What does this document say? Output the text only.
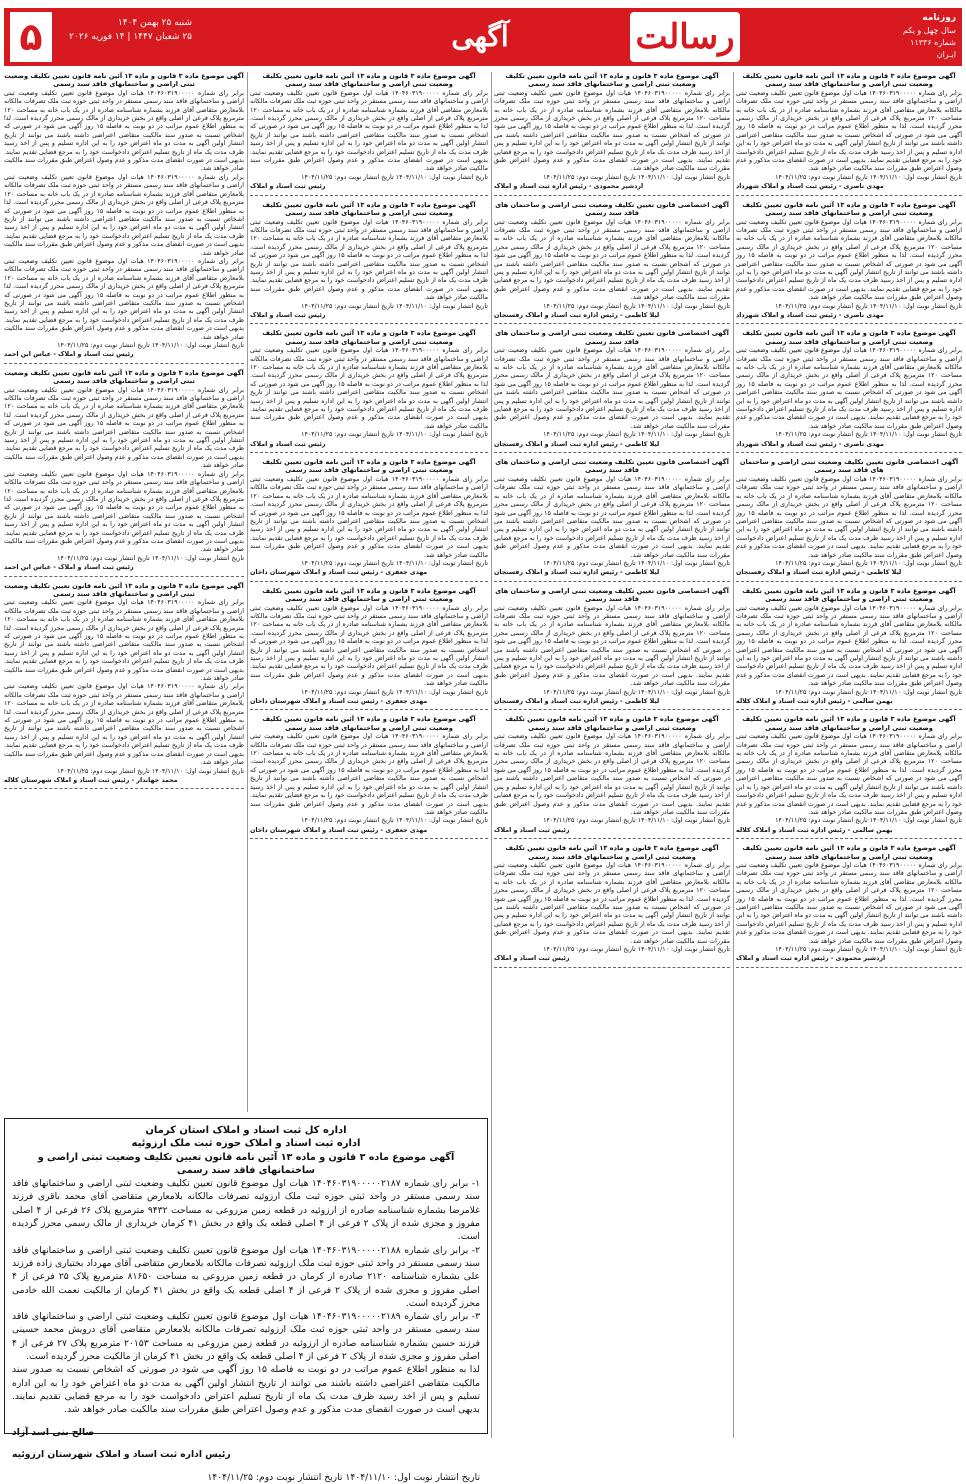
روزنامه
سال چهل و یکم
شماره ۱۱۳۳۶
ایـران
رسالت
آگهی
۵	شنبه ۲۵ بهمن ۱۴۰۴
۲۵ شعبان ۱۴۴۷ | ۱۴ فوریه ۲۰۲۶
آگهی موضوع ماده ۳ قانون و ماده ۱۳ آئین نامه قانون تعیین تکلیف وضعیت ثبتی اراضی و ساختمانهای فاقد سند رسمی

برابر رای شماره ۱۴۰۴۶۰۳۱۹۰۰۰۰۰ هیات اول موضوع قانون تعیین تکلیف وضعیت ثبتی اراضی و ساختمانهای فاقد سند رسمی مستقر در واحد ثبتی حوزه ثبت ملک تصرفات مالکانه بلامعارض متقاضی آقای فرزند بشماره شناسنامه صادره از در یک باب خانه به مساحت ۱۲۰ مترمربع پلاک فرعی از اصلی واقع در بخش خریداری از مالک رسمی محرز گردیده است. لذا به منظور اطلاع عموم مراتب در دو نوبت به فاصله ۱۵ روز آگهی می شود در صورتی که اشخاص نسبت به صدور سند مالکیت متقاضی اعتراضی داشته باشند می توانند از تاریخ انتشار اولین آگهی به مدت دو ماه اعتراض خود را به این اداره تسلیم و پس از اخذ رسید ظرف مدت یک ماه از تاریخ تسلیم اعتراض دادخواست خود را به مرجع قضایی تقدیم نمایند. بدیهی است در صورت انقضای مدت مذکور و عدم وصول اعتراض طبق مقررات سند مالکیت صادر خواهد شد.

تاریخ انتشار نوبت اول: ۱۴۰۴/۱۱/۱۰ تاریخ انتشار نوبت دوم: ۱۴۰۴/۱۱/۲۵

مهدی ناصری - رئیس ثبت اسناد و املاک شهرداد

آگهی موضوع ماده ۳ قانون و ماده ۱۳ آئین نامه قانون تعیین تکلیف وضعیت ثبتی اراضی و ساختمانهای فاقد سند رسمی

برابر رای شماره ۱۴۰۴۶۰۳۱۹۰۰۰۰۰ هیات اول موضوع قانون تعیین تکلیف وضعیت ثبتی اراضی و ساختمانهای فاقد سند رسمی مستقر در واحد ثبتی حوزه ثبت ملک تصرفات مالکانه بلامعارض متقاضی آقای فرزند بشماره شناسنامه صادره از در یک باب خانه به مساحت ۱۲۰ مترمربع پلاک فرعی از اصلی واقع در بخش خریداری از مالک رسمی محرز گردیده است. لذا به منظور اطلاع عموم مراتب در دو نوبت به فاصله ۱۵ روز آگهی می شود در صورتی که اشخاص نسبت به صدور سند مالکیت متقاضی اعتراضی داشته باشند می توانند از تاریخ انتشار اولین آگهی به مدت دو ماه اعتراض خود را به این اداره تسلیم و پس از اخذ رسید ظرف مدت یک ماه از تاریخ تسلیم اعتراض دادخواست خود را به مرجع قضایی تقدیم نمایند. بدیهی است در صورت انقضای مدت مذکور و عدم وصول اعتراض طبق مقررات سند مالکیت صادر خواهد شد.

تاریخ انتشار نوبت اول: ۱۴۰۴/۱۱/۱۰ تاریخ انتشار نوبت دوم: ۱۴۰۴/۱۱/۲۵

مهدی ناصری - رئیس ثبت اسناد و املاک شهرداد

آگهی موضوع ماده ۳ قانون و ماده ۱۳ آئین نامه قانون تعیین تکلیف وضعیت ثبتی اراضی و ساختمانهای فاقد سند رسمی

برابر رای شماره ۱۴۰۴۶۰۳۱۹۰۰۰۰۰ هیات اول موضوع قانون تعیین تکلیف وضعیت ثبتی اراضی و ساختمانهای فاقد سند رسمی مستقر در واحد ثبتی حوزه ثبت ملک تصرفات مالکانه بلامعارض متقاضی آقای فرزند بشماره شناسنامه صادره از در یک باب خانه به مساحت ۱۲۰ مترمربع پلاک فرعی از اصلی واقع در بخش خریداری از مالک رسمی محرز گردیده است. لذا به منظور اطلاع عموم مراتب در دو نوبت به فاصله ۱۵ روز آگهی می شود در صورتی که اشخاص نسبت به صدور سند مالکیت متقاضی اعتراضی داشته باشند می توانند از تاریخ انتشار اولین آگهی به مدت دو ماه اعتراض خود را به این اداره تسلیم و پس از اخذ رسید ظرف مدت یک ماه از تاریخ تسلیم اعتراض دادخواست خود را به مرجع قضایی تقدیم نمایند. بدیهی است در صورت انقضای مدت مذکور و عدم وصول اعتراض طبق مقررات سند مالکیت صادر خواهد شد.

تاریخ انتشار نوبت اول: ۱۴۰۴/۱۱/۱۰ تاریخ انتشار نوبت دوم: ۱۴۰۴/۱۱/۲۵

مهدی ناصری - رئیس ثبت اسناد و املاک شهرداد

آگهی اختصاصی قانون تعیین تکلیف وضعیت ثبتی اراضی و ساختمان های فاقد سند رسمی

برابر رای شماره ۱۴۰۴۶۰۳۱۹۰۰۰۰۰ هیات اول موضوع قانون تعیین تکلیف وضعیت ثبتی اراضی و ساختمانهای فاقد سند رسمی مستقر در واحد ثبتی حوزه ثبت ملک تصرفات مالکانه بلامعارض متقاضی آقای فرزند بشماره شناسنامه صادره از در یک باب خانه به مساحت ۱۲۰ مترمربع پلاک فرعی از اصلی واقع در بخش خریداری از مالک رسمی محرز گردیده است. لذا به منظور اطلاع عموم مراتب در دو نوبت به فاصله ۱۵ روز آگهی می شود در صورتی که اشخاص نسبت به صدور سند مالکیت متقاضی اعتراضی داشته باشند می توانند از تاریخ انتشار اولین آگهی به مدت دو ماه اعتراض خود را به این اداره تسلیم و پس از اخذ رسید ظرف مدت یک ماه از تاریخ تسلیم اعتراض دادخواست خود را به مرجع قضایی تقدیم نمایند. بدیهی است در صورت انقضای مدت مذکور و عدم وصول اعتراض طبق مقررات سند مالکیت صادر خواهد شد.

تاریخ انتشار نوبت اول: ۱۴۰۴/۱۱/۱۰ تاریخ انتشار نوبت دوم: ۱۴۰۴/۱۱/۲۵

لیلا کاظمی - رئیس اداره ثبت اسناد و املاک رفسنجان

آگهی موضوع ماده ۳ قانون و ماده ۱۳ آئین نامه قانون تعیین تکلیف وضعیت ثبتی اراضی و ساختمانهای فاقد سند رسمی

برابر رای شماره ۱۴۰۴۶۰۳۱۹۰۰۰۰۰ هیات اول موضوع قانون تعیین تکلیف وضعیت ثبتی اراضی و ساختمانهای فاقد سند رسمی مستقر در واحد ثبتی حوزه ثبت ملک تصرفات مالکانه بلامعارض متقاضی آقای فرزند بشماره شناسنامه صادره از در یک باب خانه به مساحت ۱۲۰ مترمربع پلاک فرعی از اصلی واقع در بخش خریداری از مالک رسمی محرز گردیده است. لذا به منظور اطلاع عموم مراتب در دو نوبت به فاصله ۱۵ روز آگهی می شود در صورتی که اشخاص نسبت به صدور سند مالکیت متقاضی اعتراضی داشته باشند می توانند از تاریخ انتشار اولین آگهی به مدت دو ماه اعتراض خود را به این اداره تسلیم و پس از اخذ رسید ظرف مدت یک ماه از تاریخ تسلیم اعتراض دادخواست خود را به مرجع قضایی تقدیم نمایند. بدیهی است در صورت انقضای مدت مذکور و عدم وصول اعتراض طبق مقررات سند مالکیت صادر خواهد شد.

تاریخ انتشار نوبت اول: ۱۴۰۴/۱۱/۱۰ تاریخ انتشار نوبت دوم: ۱۴۰۴/۱۱/۲۵

بهمن سالمی - رئیس اداره ثبت اسناد و املاک کلاله

آگهی موضوع ماده ۳ قانون و ماده ۱۳ آئین نامه قانون تعیین تکلیف وضعیت ثبتی اراضی و ساختمانهای فاقد سند رسمی

برابر رای شماره ۱۴۰۴۶۰۳۱۹۰۰۰۰۰ هیات اول موضوع قانون تعیین تکلیف وضعیت ثبتی اراضی و ساختمانهای فاقد سند رسمی مستقر در واحد ثبتی حوزه ثبت ملک تصرفات مالکانه بلامعارض متقاضی آقای فرزند بشماره شناسنامه صادره از در یک باب خانه به مساحت ۱۲۰ مترمربع پلاک فرعی از اصلی واقع در بخش خریداری از مالک رسمی محرز گردیده است. لذا به منظور اطلاع عموم مراتب در دو نوبت به فاصله ۱۵ روز آگهی می شود در صورتی که اشخاص نسبت به صدور سند مالکیت متقاضی اعتراضی داشته باشند می توانند از تاریخ انتشار اولین آگهی به مدت دو ماه اعتراض خود را به این اداره تسلیم و پس از اخذ رسید ظرف مدت یک ماه از تاریخ تسلیم اعتراض دادخواست خود را به مرجع قضایی تقدیم نمایند. بدیهی است در صورت انقضای مدت مذکور و عدم وصول اعتراض طبق مقررات سند مالکیت صادر خواهد شد.

تاریخ انتشار نوبت اول: ۱۴۰۴/۱۱/۱۰ تاریخ انتشار نوبت دوم: ۱۴۰۴/۱۱/۲۵

بهمن سالمی - رئیس اداره ثبت اسناد و املاک کلاله

آگهی موضوع ماده ۳ قانون و ماده ۱۳ آئین نامه قانون تعیین تکلیف وضعیت ثبتی اراضی و ساختمانهای فاقد سند رسمی

برابر رای شماره ۱۴۰۴۶۰۳۱۹۰۰۰۰۰ هیات اول موضوع قانون تعیین تکلیف وضعیت ثبتی اراضی و ساختمانهای فاقد سند رسمی مستقر در واحد ثبتی حوزه ثبت ملک تصرفات مالکانه بلامعارض متقاضی آقای فرزند بشماره شناسنامه صادره از در یک باب خانه به مساحت ۱۲۰ مترمربع پلاک فرعی از اصلی واقع در بخش خریداری از مالک رسمی محرز گردیده است. لذا به منظور اطلاع عموم مراتب در دو نوبت به فاصله ۱۵ روز آگهی می شود در صورتی که اشخاص نسبت به صدور سند مالکیت متقاضی اعتراضی داشته باشند می توانند از تاریخ انتشار اولین آگهی به مدت دو ماه اعتراض خود را به این اداره تسلیم و پس از اخذ رسید ظرف مدت یک ماه از تاریخ تسلیم اعتراض دادخواست خود را به مرجع قضایی تقدیم نمایند. بدیهی است در صورت انقضای مدت مذکور و عدم وصول اعتراض طبق مقررات سند مالکیت صادر خواهد شد.

تاریخ انتشار نوبت اول: ۱۴۰۴/۱۱/۱۰ تاریخ انتشار نوبت دوم: ۱۴۰۴/۱۱/۲۵

اردشیر محمودی - رئیس اداره ثبت اسناد و املاک

آگهی موضوع ماده ۳ قانون و ماده ۱۳ آئین نامه قانون تعیین تکلیف وضعیت ثبتی اراضی و ساختمانهای فاقد سند رسمی

برابر رای شماره ۱۴۰۴۶۰۳۱۹۰۰۰۰۰ هیات اول موضوع قانون تعیین تکلیف وضعیت ثبتی اراضی و ساختمانهای فاقد سند رسمی مستقر در واحد ثبتی حوزه ثبت ملک تصرفات مالکانه بلامعارض متقاضی آقای فرزند بشماره شناسنامه صادره از در یک باب خانه به مساحت ۱۲۰ مترمربع پلاک فرعی از اصلی واقع در بخش خریداری از مالک رسمی محرز گردیده است. لذا به منظور اطلاع عموم مراتب در دو نوبت به فاصله ۱۵ روز آگهی می شود در صورتی که اشخاص نسبت به صدور سند مالکیت متقاضی اعتراضی داشته باشند می توانند از تاریخ انتشار اولین آگهی به مدت دو ماه اعتراض خود را به این اداره تسلیم و پس از اخذ رسید ظرف مدت یک ماه از تاریخ تسلیم اعتراض دادخواست خود را به مرجع قضایی تقدیم نمایند. بدیهی است در صورت انقضای مدت مذکور و عدم وصول اعتراض طبق مقررات سند مالکیت صادر خواهد شد.

تاریخ انتشار نوبت اول: ۱۴۰۴/۱۱/۱۰ تاریخ انتشار نوبت دوم: ۱۴۰۴/۱۱/۲۵

اردشیر محمودی - رئیس اداره ثبت اسناد و املاک

آگهی اختصاصی قانون تعیین تکلیف وضعیت ثبتی اراضی و ساختمان های فاقد سند رسمی

برابر رای شماره ۱۴۰۴۶۰۳۱۹۰۰۰۰۰ هیات اول موضوع قانون تعیین تکلیف وضعیت ثبتی اراضی و ساختمانهای فاقد سند رسمی مستقر در واحد ثبتی حوزه ثبت ملک تصرفات مالکانه بلامعارض متقاضی آقای فرزند بشماره شناسنامه صادره از در یک باب خانه به مساحت ۱۲۰ مترمربع پلاک فرعی از اصلی واقع در بخش خریداری از مالک رسمی محرز گردیده است. لذا به منظور اطلاع عموم مراتب در دو نوبت به فاصله ۱۵ روز آگهی می شود در صورتی که اشخاص نسبت به صدور سند مالکیت متقاضی اعتراضی داشته باشند می توانند از تاریخ انتشار اولین آگهی به مدت دو ماه اعتراض خود را به این اداره تسلیم و پس از اخذ رسید ظرف مدت یک ماه از تاریخ تسلیم اعتراض دادخواست خود را به مرجع قضایی تقدیم نمایند. بدیهی است در صورت انقضای مدت مذکور و عدم وصول اعتراض طبق مقررات سند مالکیت صادر خواهد شد.

تاریخ انتشار نوبت اول: ۱۴۰۴/۱۱/۱۰ تاریخ انتشار نوبت دوم: ۱۴۰۴/۱۱/۲۵

لیلا کاظمی - رئیس اداره ثبت اسناد و املاک رفسنجان

آگهی اختصاصی قانون تعیین تکلیف وضعیت ثبتی اراضی و ساختمان های فاقد سند رسمی

برابر رای شماره ۱۴۰۴۶۰۳۱۹۰۰۰۰۰ هیات اول موضوع قانون تعیین تکلیف وضعیت ثبتی اراضی و ساختمانهای فاقد سند رسمی مستقر در واحد ثبتی حوزه ثبت ملک تصرفات مالکانه بلامعارض متقاضی آقای فرزند بشماره شناسنامه صادره از در یک باب خانه به مساحت ۱۲۰ مترمربع پلاک فرعی از اصلی واقع در بخش خریداری از مالک رسمی محرز گردیده است. لذا به منظور اطلاع عموم مراتب در دو نوبت به فاصله ۱۵ روز آگهی می شود در صورتی که اشخاص نسبت به صدور سند مالکیت متقاضی اعتراضی داشته باشند می توانند از تاریخ انتشار اولین آگهی به مدت دو ماه اعتراض خود را به این اداره تسلیم و پس از اخذ رسید ظرف مدت یک ماه از تاریخ تسلیم اعتراض دادخواست خود را به مرجع قضایی تقدیم نمایند. بدیهی است در صورت انقضای مدت مذکور و عدم وصول اعتراض طبق مقررات سند مالکیت صادر خواهد شد.

تاریخ انتشار نوبت اول: ۱۴۰۴/۱۱/۱۰ تاریخ انتشار نوبت دوم: ۱۴۰۴/۱۱/۲۵

لیلا کاظمی - رئیس اداره ثبت اسناد و املاک رفسنجان

آگهی اختصاصی قانون تعیین تکلیف وضعیت ثبتی اراضی و ساختمان های فاقد سند رسمی

برابر رای شماره ۱۴۰۴۶۰۳۱۹۰۰۰۰۰ هیات اول موضوع قانون تعیین تکلیف وضعیت ثبتی اراضی و ساختمانهای فاقد سند رسمی مستقر در واحد ثبتی حوزه ثبت ملک تصرفات مالکانه بلامعارض متقاضی آقای فرزند بشماره شناسنامه صادره از در یک باب خانه به مساحت ۱۲۰ مترمربع پلاک فرعی از اصلی واقع در بخش خریداری از مالک رسمی محرز گردیده است. لذا به منظور اطلاع عموم مراتب در دو نوبت به فاصله ۱۵ روز آگهی می شود در صورتی که اشخاص نسبت به صدور سند مالکیت متقاضی اعتراضی داشته باشند می توانند از تاریخ انتشار اولین آگهی به مدت دو ماه اعتراض خود را به این اداره تسلیم و پس از اخذ رسید ظرف مدت یک ماه از تاریخ تسلیم اعتراض دادخواست خود را به مرجع قضایی تقدیم نمایند. بدیهی است در صورت انقضای مدت مذکور و عدم وصول اعتراض طبق مقررات سند مالکیت صادر خواهد شد.

تاریخ انتشار نوبت اول: ۱۴۰۴/۱۱/۱۰ تاریخ انتشار نوبت دوم: ۱۴۰۴/۱۱/۲۵

لیلا کاظمی - رئیس اداره ثبت اسناد و املاک رفسنجان

آگهی اختصاصی قانون تعیین تکلیف وضعیت ثبتی اراضی و ساختمان های فاقد سند رسمی

برابر رای شماره ۱۴۰۴۶۰۳۱۹۰۰۰۰۰ هیات اول موضوع قانون تعیین تکلیف وضعیت ثبتی اراضی و ساختمانهای فاقد سند رسمی مستقر در واحد ثبتی حوزه ثبت ملک تصرفات مالکانه بلامعارض متقاضی آقای فرزند بشماره شناسنامه صادره از در یک باب خانه به مساحت ۱۲۰ مترمربع پلاک فرعی از اصلی واقع در بخش خریداری از مالک رسمی محرز گردیده است. لذا به منظور اطلاع عموم مراتب در دو نوبت به فاصله ۱۵ روز آگهی می شود در صورتی که اشخاص نسبت به صدور سند مالکیت متقاضی اعتراضی داشته باشند می توانند از تاریخ انتشار اولین آگهی به مدت دو ماه اعتراض خود را به این اداره تسلیم و پس از اخذ رسید ظرف مدت یک ماه از تاریخ تسلیم اعتراض دادخواست خود را به مرجع قضایی تقدیم نمایند. بدیهی است در صورت انقضای مدت مذکور و عدم وصول اعتراض طبق مقررات سند مالکیت صادر خواهد شد.

تاریخ انتشار نوبت اول: ۱۴۰۴/۱۱/۱۰ تاریخ انتشار نوبت دوم: ۱۴۰۴/۱۱/۲۵

لیلا کاظمی - رئیس اداره ثبت اسناد و املاک رفسنجان

آگهی موضوع ماده ۳ قانون و ماده ۱۳ آئین نامه قانون تعیین تکلیف وضعیت ثبتی اراضی و ساختمانهای فاقد سند رسمی

برابر رای شماره ۱۴۰۴۶۰۳۱۹۰۰۰۰۰ هیات اول موضوع قانون تعیین تکلیف وضعیت ثبتی اراضی و ساختمانهای فاقد سند رسمی مستقر در واحد ثبتی حوزه ثبت ملک تصرفات مالکانه بلامعارض متقاضی آقای فرزند بشماره شناسنامه صادره از در یک باب خانه به مساحت ۱۲۰ مترمربع پلاک فرعی از اصلی واقع در بخش خریداری از مالک رسمی محرز گردیده است. لذا به منظور اطلاع عموم مراتب در دو نوبت به فاصله ۱۵ روز آگهی می شود در صورتی که اشخاص نسبت به صدور سند مالکیت متقاضی اعتراضی داشته باشند می توانند از تاریخ انتشار اولین آگهی به مدت دو ماه اعتراض خود را به این اداره تسلیم و پس از اخذ رسید ظرف مدت یک ماه از تاریخ تسلیم اعتراض دادخواست خود را به مرجع قضایی تقدیم نمایند. بدیهی است در صورت انقضای مدت مذکور و عدم وصول اعتراض طبق مقررات سند مالکیت صادر خواهد شد.

تاریخ انتشار نوبت اول: ۱۴۰۴/۱۱/۱۰ تاریخ انتشار نوبت دوم: ۱۴۰۴/۱۱/۲۵

رئیس ثبت اسناد و املاک

آگهی موضوع ماده ۳ قانون و ماده ۱۳ آئین نامه قانون تعیین تکلیف وضعیت ثبتی اراضی و ساختمانهای فاقد سند رسمی

برابر رای شماره ۱۴۰۴۶۰۳۱۹۰۰۰۰۰ هیات اول موضوع قانون تعیین تکلیف وضعیت ثبتی اراضی و ساختمانهای فاقد سند رسمی مستقر در واحد ثبتی حوزه ثبت ملک تصرفات مالکانه بلامعارض متقاضی آقای فرزند بشماره شناسنامه صادره از در یک باب خانه به مساحت ۱۲۰ مترمربع پلاک فرعی از اصلی واقع در بخش خریداری از مالک رسمی محرز گردیده است. لذا به منظور اطلاع عموم مراتب در دو نوبت به فاصله ۱۵ روز آگهی می شود در صورتی که اشخاص نسبت به صدور سند مالکیت متقاضی اعتراضی داشته باشند می توانند از تاریخ انتشار اولین آگهی به مدت دو ماه اعتراض خود را به این اداره تسلیم و پس از اخذ رسید ظرف مدت یک ماه از تاریخ تسلیم اعتراض دادخواست خود را به مرجع قضایی تقدیم نمایند. بدیهی است در صورت انقضای مدت مذکور و عدم وصول اعتراض طبق مقررات سند مالکیت صادر خواهد شد.

تاریخ انتشار نوبت اول: ۱۴۰۴/۱۱/۱۰ تاریخ انتشار نوبت دوم: ۱۴۰۴/۱۱/۲۵

رئیس ثبت اسناد و املاک

آگهی موضوع ماده ۳ قانون و ماده ۱۳ آئین نامه قانون تعیین تکلیف وضعیت ثبتی اراضی و ساختمانهای فاقد سند رسمی

برابر رای شماره ۱۴۰۴۶۰۳۱۹۰۰۰۰۰ هیات اول موضوع قانون تعیین تکلیف وضعیت ثبتی اراضی و ساختمانهای فاقد سند رسمی مستقر در واحد ثبتی حوزه ثبت ملک تصرفات مالکانه بلامعارض متقاضی آقای فرزند بشماره شناسنامه صادره از در یک باب خانه به مساحت ۱۲۰ مترمربع پلاک فرعی از اصلی واقع در بخش خریداری از مالک رسمی محرز گردیده است. لذا به منظور اطلاع عموم مراتب در دو نوبت به فاصله ۱۵ روز آگهی می شود در صورتی که اشخاص نسبت به صدور سند مالکیت متقاضی اعتراضی داشته باشند می توانند از تاریخ انتشار اولین آگهی به مدت دو ماه اعتراض خود را به این اداره تسلیم و پس از اخذ رسید ظرف مدت یک ماه از تاریخ تسلیم اعتراض دادخواست خود را به مرجع قضایی تقدیم نمایند. بدیهی است در صورت انقضای مدت مذکور و عدم وصول اعتراض طبق مقررات سند مالکیت صادر خواهد شد.

تاریخ انتشار نوبت اول: ۱۴۰۴/۱۱/۱۰ تاریخ انتشار نوبت دوم: ۱۴۰۴/۱۱/۲۵

رئیس ثبت اسناد و املاک

آگهی موضوع ماده ۳ قانون و ماده ۱۳ آئین نامه قانون تعیین تکلیف وضعیت ثبتی اراضی و ساختمانهای فاقد سند رسمی

برابر رای شماره ۱۴۰۴۶۰۳۱۹۰۰۰۰۰ هیات اول موضوع قانون تعیین تکلیف وضعیت ثبتی اراضی و ساختمانهای فاقد سند رسمی مستقر در واحد ثبتی حوزه ثبت ملک تصرفات مالکانه بلامعارض متقاضی آقای فرزند بشماره شناسنامه صادره از در یک باب خانه به مساحت ۱۲۰ مترمربع پلاک فرعی از اصلی واقع در بخش خریداری از مالک رسمی محرز گردیده است. لذا به منظور اطلاع عموم مراتب در دو نوبت به فاصله ۱۵ روز آگهی می شود در صورتی که اشخاص نسبت به صدور سند مالکیت متقاضی اعتراضی داشته باشند می توانند از تاریخ انتشار اولین آگهی به مدت دو ماه اعتراض خود را به این اداره تسلیم و پس از اخذ رسید ظرف مدت یک ماه از تاریخ تسلیم اعتراض دادخواست خود را به مرجع قضایی تقدیم نمایند. بدیهی است در صورت انقضای مدت مذکور و عدم وصول اعتراض طبق مقررات سند مالکیت صادر خواهد شد.

تاریخ انتشار نوبت اول: ۱۴۰۴/۱۱/۱۰ تاریخ انتشار نوبت دوم: ۱۴۰۴/۱۱/۲۵

رئیس ثبت اسناد و املاک

آگهی موضوع ماده ۳ قانون و ماده ۱۳ آئین نامه قانون تعیین تکلیف وضعیت ثبتی اراضی و ساختمانهای فاقد سند رسمی

برابر رای شماره ۱۴۰۴۶۰۳۱۹۰۰۰۰۰ هیات اول موضوع قانون تعیین تکلیف وضعیت ثبتی اراضی و ساختمانهای فاقد سند رسمی مستقر در واحد ثبتی حوزه ثبت ملک تصرفات مالکانه بلامعارض متقاضی آقای فرزند بشماره شناسنامه صادره از در یک باب خانه به مساحت ۱۲۰ مترمربع پلاک فرعی از اصلی واقع در بخش خریداری از مالک رسمی محرز گردیده است. لذا به منظور اطلاع عموم مراتب در دو نوبت به فاصله ۱۵ روز آگهی می شود در صورتی که اشخاص نسبت به صدور سند مالکیت متقاضی اعتراضی داشته باشند می توانند از تاریخ انتشار اولین آگهی به مدت دو ماه اعتراض خود را به این اداره تسلیم و پس از اخذ رسید ظرف مدت یک ماه از تاریخ تسلیم اعتراض دادخواست خود را به مرجع قضایی تقدیم نمایند. بدیهی است در صورت انقضای مدت مذکور و عدم وصول اعتراض طبق مقررات سند مالکیت صادر خواهد شد.

تاریخ انتشار نوبت اول: ۱۴۰۴/۱۱/۱۰ تاریخ انتشار نوبت دوم: ۱۴۰۴/۱۱/۲۵

رئیس ثبت اسناد و املاک

آگهی موضوع ماده ۳ قانون و ماده ۱۳ آئین نامه قانون تعیین تکلیف وضعیت ثبتی اراضی و ساختمانهای فاقد سند رسمی

برابر رای شماره ۱۴۰۴۶۰۳۱۹۰۰۰۰۰ هیات اول موضوع قانون تعیین تکلیف وضعیت ثبتی اراضی و ساختمانهای فاقد سند رسمی مستقر در واحد ثبتی حوزه ثبت ملک تصرفات مالکانه بلامعارض متقاضی آقای فرزند بشماره شناسنامه صادره از در یک باب خانه به مساحت ۱۲۰ مترمربع پلاک فرعی از اصلی واقع در بخش خریداری از مالک رسمی محرز گردیده است. لذا به منظور اطلاع عموم مراتب در دو نوبت به فاصله ۱۵ روز آگهی می شود در صورتی که اشخاص نسبت به صدور سند مالکیت متقاضی اعتراضی داشته باشند می توانند از تاریخ انتشار اولین آگهی به مدت دو ماه اعتراض خود را به این اداره تسلیم و پس از اخذ رسید ظرف مدت یک ماه از تاریخ تسلیم اعتراض دادخواست خود را به مرجع قضایی تقدیم نمایند. بدیهی است در صورت انقضای مدت مذکور و عدم وصول اعتراض طبق مقررات سند مالکیت صادر خواهد شد.

تاریخ انتشار نوبت اول: ۱۴۰۴/۱۱/۱۰ تاریخ انتشار نوبت دوم: ۱۴۰۴/۱۱/۲۵

مهدی جعفری - رئیس ثبت اسناد و املاک شهرستان داخان

آگهی موضوع ماده ۳ قانون و ماده ۱۳ آئین نامه قانون تعیین تکلیف وضعیت ثبتی اراضی و ساختمانهای فاقد سند رسمی

برابر رای شماره ۱۴۰۴۶۰۳۱۹۰۰۰۰۰ هیات اول موضوع قانون تعیین تکلیف وضعیت ثبتی اراضی و ساختمانهای فاقد سند رسمی مستقر در واحد ثبتی حوزه ثبت ملک تصرفات مالکانه بلامعارض متقاضی آقای فرزند بشماره شناسنامه صادره از در یک باب خانه به مساحت ۱۲۰ مترمربع پلاک فرعی از اصلی واقع در بخش خریداری از مالک رسمی محرز گردیده است. لذا به منظور اطلاع عموم مراتب در دو نوبت به فاصله ۱۵ روز آگهی می شود در صورتی که اشخاص نسبت به صدور سند مالکیت متقاضی اعتراضی داشته باشند می توانند از تاریخ انتشار اولین آگهی به مدت دو ماه اعتراض خود را به این اداره تسلیم و پس از اخذ رسید ظرف مدت یک ماه از تاریخ تسلیم اعتراض دادخواست خود را به مرجع قضایی تقدیم نمایند. بدیهی است در صورت انقضای مدت مذکور و عدم وصول اعتراض طبق مقررات سند مالکیت صادر خواهد شد.

تاریخ انتشار نوبت اول: ۱۴۰۴/۱۱/۱۰ تاریخ انتشار نوبت دوم: ۱۴۰۴/۱۱/۲۵

مهدی جعفری - رئیس ثبت اسناد و املاک شهرستان داخان

آگهی موضوع ماده ۳ قانون و ماده ۱۳ آئین نامه قانون تعیین تکلیف وضعیت ثبتی اراضی و ساختمانهای فاقد سند رسمی

برابر رای شماره ۱۴۰۴۶۰۳۱۹۰۰۰۰۰ هیات اول موضوع قانون تعیین تکلیف وضعیت ثبتی اراضی و ساختمانهای فاقد سند رسمی مستقر در واحد ثبتی حوزه ثبت ملک تصرفات مالکانه بلامعارض متقاضی آقای فرزند بشماره شناسنامه صادره از در یک باب خانه به مساحت ۱۲۰ مترمربع پلاک فرعی از اصلی واقع در بخش خریداری از مالک رسمی محرز گردیده است. لذا به منظور اطلاع عموم مراتب در دو نوبت به فاصله ۱۵ روز آگهی می شود در صورتی که اشخاص نسبت به صدور سند مالکیت متقاضی اعتراضی داشته باشند می توانند از تاریخ انتشار اولین آگهی به مدت دو ماه اعتراض خود را به این اداره تسلیم و پس از اخذ رسید ظرف مدت یک ماه از تاریخ تسلیم اعتراض دادخواست خود را به مرجع قضایی تقدیم نمایند. بدیهی است در صورت انقضای مدت مذکور و عدم وصول اعتراض طبق مقررات سند مالکیت صادر خواهد شد.

تاریخ انتشار نوبت اول: ۱۴۰۴/۱۱/۱۰ تاریخ انتشار نوبت دوم: ۱۴۰۴/۱۱/۲۵

مهدی جعفری - رئیس ثبت اسناد و املاک شهرستان داخان

آگهی موضوع ماده ۳ قانون و ماده ۱۳ آئین نامه قانون تعیین تکلیف وضعیت ثبتی اراضی و ساختمانهای فاقد سند رسمی

برابر رای شماره ۱۴۰۴۶۰۳۱۹۰۰۰۰۰ هیات اول موضوع قانون تعیین تکلیف وضعیت ثبتی اراضی و ساختمانهای فاقد سند رسمی مستقر در واحد ثبتی حوزه ثبت ملک تصرفات مالکانه بلامعارض متقاضی آقای فرزند بشماره شناسنامه صادره از در یک باب خانه به مساحت ۱۲۰ مترمربع پلاک فرعی از اصلی واقع در بخش خریداری از مالک رسمی محرز گردیده است. لذا به منظور اطلاع عموم مراتب در دو نوبت به فاصله ۱۵ روز آگهی می شود در صورتی که اشخاص نسبت به صدور سند مالکیت متقاضی اعتراضی داشته باشند می توانند از تاریخ انتشار اولین آگهی به مدت دو ماه اعتراض خود را به این اداره تسلیم و پس از اخذ رسید ظرف مدت یک ماه از تاریخ تسلیم اعتراض دادخواست خود را به مرجع قضایی تقدیم نمایند. بدیهی است در صورت انقضای مدت مذکور و عدم وصول اعتراض طبق مقررات سند مالکیت صادر خواهد شد.

برابر رای شماره ۱۴۰۴۶۰۳۱۹۰۰۰۰۰ هیات اول موضوع قانون تعیین تکلیف وضعیت ثبتی اراضی و ساختمانهای فاقد سند رسمی مستقر در واحد ثبتی حوزه ثبت ملک تصرفات مالکانه بلامعارض متقاضی آقای فرزند بشماره شناسنامه صادره از در یک باب خانه به مساحت ۱۲۰ مترمربع پلاک فرعی از اصلی واقع در بخش خریداری از مالک رسمی محرز گردیده است. لذا به منظور اطلاع عموم مراتب در دو نوبت به فاصله ۱۵ روز آگهی می شود در صورتی که اشخاص نسبت به صدور سند مالکیت متقاضی اعتراضی داشته باشند می توانند از تاریخ انتشار اولین آگهی به مدت دو ماه اعتراض خود را به این اداره تسلیم و پس از اخذ رسید ظرف مدت یک ماه از تاریخ تسلیم اعتراض دادخواست خود را به مرجع قضایی تقدیم نمایند. بدیهی است در صورت انقضای مدت مذکور و عدم وصول اعتراض طبق مقررات سند مالکیت صادر خواهد شد.

برابر رای شماره ۱۴۰۴۶۰۳۱۹۰۰۰۰۰ هیات اول موضوع قانون تعیین تکلیف وضعیت ثبتی اراضی و ساختمانهای فاقد سند رسمی مستقر در واحد ثبتی حوزه ثبت ملک تصرفات مالکانه بلامعارض متقاضی آقای فرزند بشماره شناسنامه صادره از در یک باب خانه به مساحت ۱۲۰ مترمربع پلاک فرعی از اصلی واقع در بخش خریداری از مالک رسمی محرز گردیده است. لذا به منظور اطلاع عموم مراتب در دو نوبت به فاصله ۱۵ روز آگهی می شود در صورتی که اشخاص نسبت به صدور سند مالکیت متقاضی اعتراضی داشته باشند می توانند از تاریخ انتشار اولین آگهی به مدت دو ماه اعتراض خود را به این اداره تسلیم و پس از اخذ رسید ظرف مدت یک ماه از تاریخ تسلیم اعتراض دادخواست خود را به مرجع قضایی تقدیم نمایند. بدیهی است در صورت انقضای مدت مذکور و عدم وصول اعتراض طبق مقررات سند مالکیت صادر خواهد شد.

تاریخ انتشار نوبت اول: ۱۴۰۴/۱۱/۱۰ تاریخ انتشار نوبت دوم: ۱۴۰۴/۱۱/۲۵

رئیس ثبت اسناد و املاک - عباس ابن احمد

آگهی موضوع ماده ۳ قانون و ماده ۱۳ آئین نامه قانون تعیین تکلیف وضعیت ثبتی اراضی و ساختمانهای فاقد سند رسمی

برابر رای شماره ۱۴۰۴۶۰۳۱۹۰۰۰۰۰ هیات اول موضوع قانون تعیین تکلیف وضعیت ثبتی اراضی و ساختمانهای فاقد سند رسمی مستقر در واحد ثبتی حوزه ثبت ملک تصرفات مالکانه بلامعارض متقاضی آقای فرزند بشماره شناسنامه صادره از در یک باب خانه به مساحت ۱۲۰ مترمربع پلاک فرعی از اصلی واقع در بخش خریداری از مالک رسمی محرز گردیده است. لذا به منظور اطلاع عموم مراتب در دو نوبت به فاصله ۱۵ روز آگهی می شود در صورتی که اشخاص نسبت به صدور سند مالکیت متقاضی اعتراضی داشته باشند می توانند از تاریخ انتشار اولین آگهی به مدت دو ماه اعتراض خود را به این اداره تسلیم و پس از اخذ رسید ظرف مدت یک ماه از تاریخ تسلیم اعتراض دادخواست خود را به مرجع قضایی تقدیم نمایند. بدیهی است در صورت انقضای مدت مذکور و عدم وصول اعتراض طبق مقررات سند مالکیت صادر خواهد شد.

برابر رای شماره ۱۴۰۴۶۰۳۱۹۰۰۰۰۰ هیات اول موضوع قانون تعیین تکلیف وضعیت ثبتی اراضی و ساختمانهای فاقد سند رسمی مستقر در واحد ثبتی حوزه ثبت ملک تصرفات مالکانه بلامعارض متقاضی آقای فرزند بشماره شناسنامه صادره از در یک باب خانه به مساحت ۱۲۰ مترمربع پلاک فرعی از اصلی واقع در بخش خریداری از مالک رسمی محرز گردیده است. لذا به منظور اطلاع عموم مراتب در دو نوبت به فاصله ۱۵ روز آگهی می شود در صورتی که اشخاص نسبت به صدور سند مالکیت متقاضی اعتراضی داشته باشند می توانند از تاریخ انتشار اولین آگهی به مدت دو ماه اعتراض خود را به این اداره تسلیم و پس از اخذ رسید ظرف مدت یک ماه از تاریخ تسلیم اعتراض دادخواست خود را به مرجع قضایی تقدیم نمایند. بدیهی است در صورت انقضای مدت مذکور و عدم وصول اعتراض طبق مقررات سند مالکیت صادر خواهد شد.

تاریخ انتشار نوبت اول: ۱۴۰۴/۱۱/۱۰ تاریخ انتشار نوبت دوم: ۱۴۰۴/۱۱/۲۵

رئیس ثبت اسناد و املاک - عباس ابن احمد

آگهی موضوع ماده ۳ قانون و ماده ۱۳ آئین نامه قانون تعیین تکلیف وضعیت ثبتی اراضی و ساختمانهای فاقد سند رسمی

برابر رای شماره ۱۴۰۴۶۰۳۱۹۰۰۰۰۰ هیات اول موضوع قانون تعیین تکلیف وضعیت ثبتی اراضی و ساختمانهای فاقد سند رسمی مستقر در واحد ثبتی حوزه ثبت ملک تصرفات مالکانه بلامعارض متقاضی آقای فرزند بشماره شناسنامه صادره از در یک باب خانه به مساحت ۱۲۰ مترمربع پلاک فرعی از اصلی واقع در بخش خریداری از مالک رسمی محرز گردیده است. لذا به منظور اطلاع عموم مراتب در دو نوبت به فاصله ۱۵ روز آگهی می شود در صورتی که اشخاص نسبت به صدور سند مالکیت متقاضی اعتراضی داشته باشند می توانند از تاریخ انتشار اولین آگهی به مدت دو ماه اعتراض خود را به این اداره تسلیم و پس از اخذ رسید ظرف مدت یک ماه از تاریخ تسلیم اعتراض دادخواست خود را به مرجع قضایی تقدیم نمایند. بدیهی است در صورت انقضای مدت مذکور و عدم وصول اعتراض طبق مقررات سند مالکیت صادر خواهد شد.

برابر رای شماره ۱۴۰۴۶۰۳۱۹۰۰۰۰۰ هیات اول موضوع قانون تعیین تکلیف وضعیت ثبتی اراضی و ساختمانهای فاقد سند رسمی مستقر در واحد ثبتی حوزه ثبت ملک تصرفات مالکانه بلامعارض متقاضی آقای فرزند بشماره شناسنامه صادره از در یک باب خانه به مساحت ۱۲۰ مترمربع پلاک فرعی از اصلی واقع در بخش خریداری از مالک رسمی محرز گردیده است. لذا به منظور اطلاع عموم مراتب در دو نوبت به فاصله ۱۵ روز آگهی می شود در صورتی که اشخاص نسبت به صدور سند مالکیت متقاضی اعتراضی داشته باشند می توانند از تاریخ انتشار اولین آگهی به مدت دو ماه اعتراض خود را به این اداره تسلیم و پس از اخذ رسید ظرف مدت یک ماه از تاریخ تسلیم اعتراض دادخواست خود را به مرجع قضایی تقدیم نمایند. بدیهی است در صورت انقضای مدت مذکور و عدم وصول اعتراض طبق مقررات سند مالکیت صادر خواهد شد.

تاریخ انتشار نوبت اول: ۱۴۰۴/۱۱/۱۰ تاریخ انتشار نوبت دوم: ۱۴۰۴/۱۱/۲۵

محمد جهاندار - رئیس ثبت اسناد و املاک شهرستان کلاله

اداره کل ثبت اسناد و املاک استان کرمان
اداره ثبت اسناد و املاک حوزه ثبت ملک ارزوئیه
آگهی موضوع ماده ۳ قانون و ماده ۱۳ آئین نامه قانون تعیین تکلیف وضعیت ثبتی اراضی و ساختمانهای فاقد سند رسمی

۱- برابر رای شماره ۱۴۰۴۶۰۳۱۹۰۰۰۰۰۲۱۸۷ هیات اول موضوع قانون تعیین تکلیف وضعیت ثبتی اراضی و ساختمانهای فاقد سند رسمی مستقر در واحد ثبتی حوزه ثبت ملک ارزوئیه تصرفات مالکانه بلامعارض متقاضی آقای محمد باقری فرزند غلامرضا بشماره شناسنامه صادره از ارزوئیه در قطعه زمین مزروعی به مساحت ۹۴۳۲ مترمربع پلاک ۲۶ فرعی از ۴ اصلی مفروز و مجزی شده از پلاک ۲ فرعی از ۴ اصلی قطعه یک واقع در بخش ۴۱ کرمان خریداری از مالک رسمی محرز گردیده است.

۲- برابر رای شماره ۱۴۰۴۶۰۳۱۹۰۰۰۰۰۲۱۸۸ هیات اول موضوع قانون تعیین تکلیف وضعیت ثبتی اراضی و ساختمانهای فاقد سند رسمی مستقر در واحد ثبتی حوزه ثبت ملک ارزوئیه تصرفات مالکانه بلامعارض متقاضی آقای مهرداد بختیاری زاده فرزند علی بشماره شناسنامه ۲۱۲۰ صادره از کرمان در قطعه زمین مزروعی به مساحت ۸۱۶۵۰ مترمربع پلاک ۲۵ فرعی از ۴ اصلی مفروز و مجزی شده از پلاک ۲ فرعی از ۴ اصلی قطعه یک واقع در بخش ۴۱ کرمان از مالکیت نعمت الله خادمی محرز گردیده است.

۳- برابر رای شماره ۱۴۰۴۶۰۳۱۹۰۰۰۰۰۲۱۸۹ هیات اول موضوع قانون تعیین تکلیف وضعیت ثبتی اراضی و ساختمانهای فاقد سند رسمی مستقر در واحد ثبتی حوزه ثبت ملک ارزوئیه تصرفات مالکانه بلامعارض متقاضی آقای درویش محمد حسینی فرزند حسین بشماره شناسنامه صادره از ارزوئیه در قطعه زمین مزروعی به مساحت ۲۰۱۵۳ مترمربع پلاک ۲۷ فرعی از ۴ اصلی مفروز و مجزی شده از پلاک ۲ فرعی از ۴ اصلی قطعه یک واقع در بخش ۴۱ کرمان از مالکیت محرز گردیده است.

لذا به منظور اطلاع عموم مراتب در دو نوبت به فاصله ۱۵ روز آگهی می شود در صورتی که اشخاص نسبت به صدور سند مالکیت متقاضی اعتراضی داشته باشند می توانند از تاریخ انتشار اولین آگهی به مدت دو ماه اعتراض خود را به این اداره تسلیم و پس از اخذ رسید ظرف مدت یک ماه از تاریخ تسلیم اعتراض دادخواست خود را به مرجع قضایی تقدیم نمایند. بدیهی است در صورت انقضای مدت مذکور و عدم وصول اعتراض طبق مقررات سند مالکیت صادر خواهد شد.

صالح بنی اسد آزاد

رئیس اداره ثبت اسناد و املاک شهرستان ارزوئیه

تاریخ انتشار نوبت اول: ۱۴۰۴/۱۱/۱۰ تاریخ انتشار نوبت دوم: ۱۴۰۴/۱۱/۲۵
